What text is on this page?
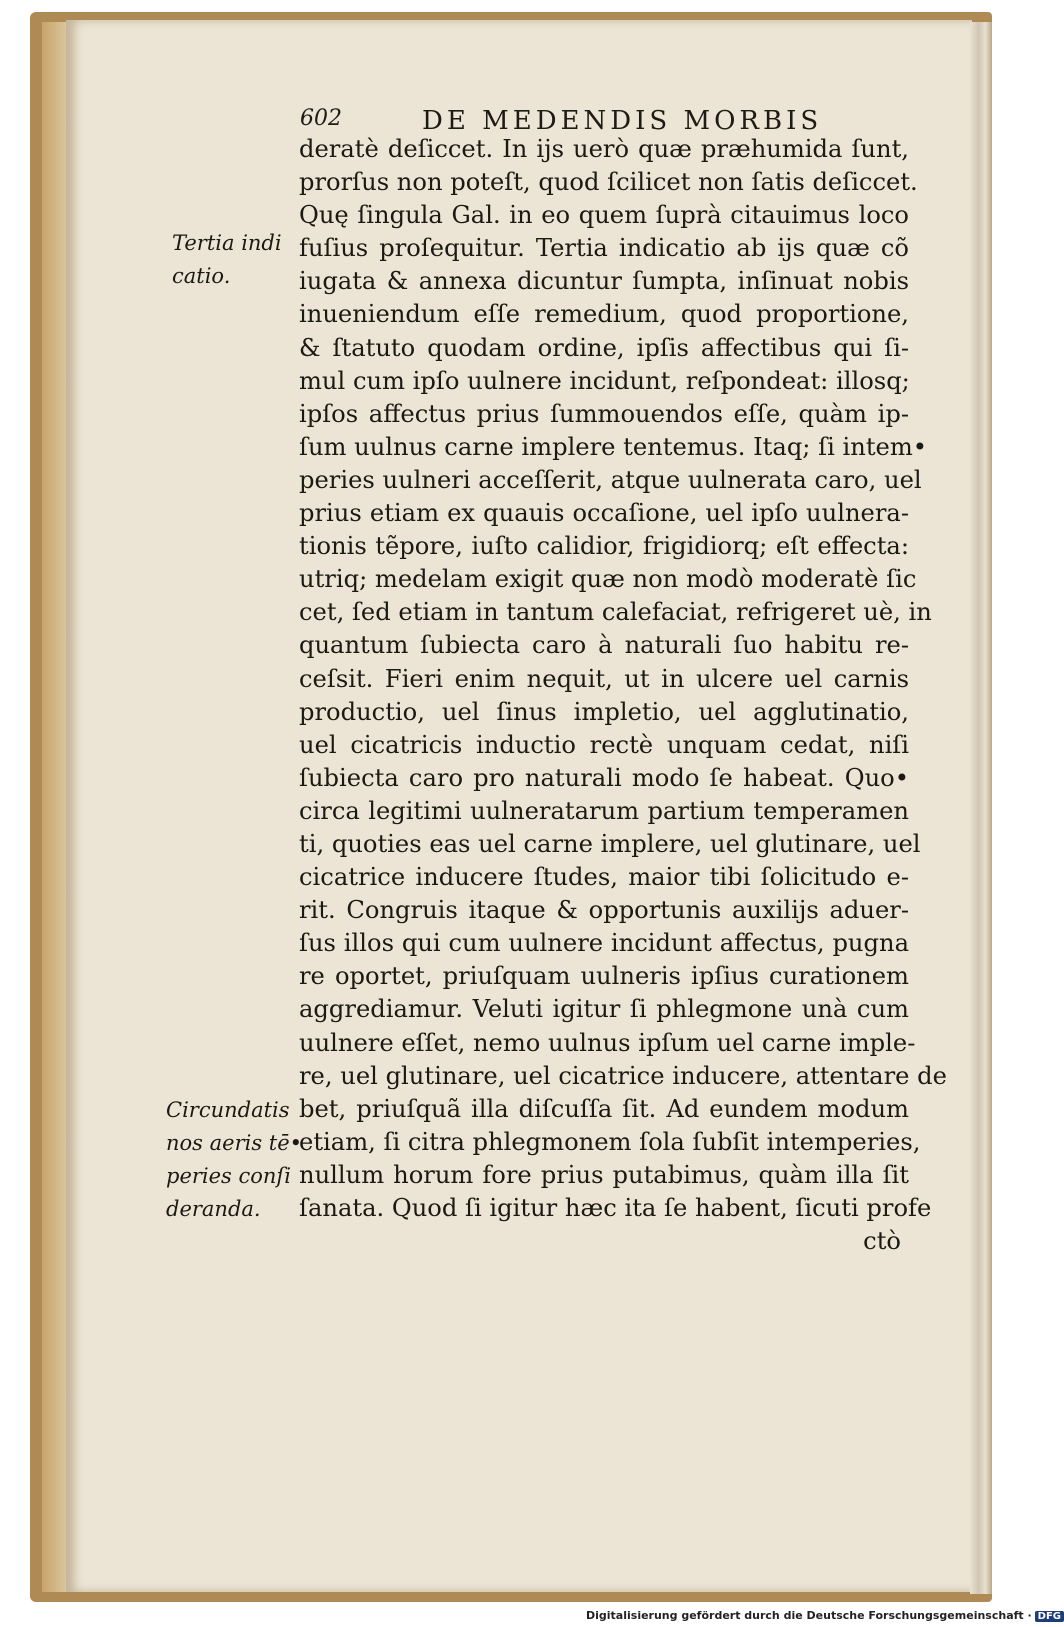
602	DE MEDENDIS MORBIS
Tertia indi
catio.
Circundatis
nos aeris tē•
peries conſi
deranda.
deratè deſiccet. In ijs uerò quæ præhumida ſunt,
prorſus non poteſt, quod ſcilicet non ſatis deſiccet.
Quę ſingula Gal. in eo quem ſuprà citauimus loco
fuſius proſequitur. Tertia indicatio ab ijs quæ cõ
iugata & annexa dicuntur ſumpta, inſinuat nobis
inueniendum eſſe remedium, quod proportione,
& ſtatuto quodam ordine, ipſis affectibus qui ſi-
mul cum ipſo uulnere incidunt, reſpondeat: illosq;
ipſos affectus prius ſummouendos eſſe, quàm ip-
ſum uulnus carne implere tentemus. Itaq; ſi intem•
peries uulneri acceſſerit, atque uulnerata caro, uel
prius etiam ex quauis occaſione, uel ipſo uulnera-
tionis tẽpore, iuſto calidior, frigidiorq; eſt effecta:
utriq; medelam exigit quæ non modò moderatè ſic
cet, ſed etiam in tantum calefaciat, refrigeret uè, in
quantum ſubiecta caro à naturali ſuo habitu re-
ceſsit. Fieri enim nequit, ut in ulcere uel carnis
productio, uel ſinus impletio, uel agglutinatio,
uel cicatricis inductio rectè unquam cedat, niſi
ſubiecta caro pro naturali modo ſe habeat. Quo•
circa legitimi uulneratarum partium temperamen
ti, quoties eas uel carne implere, uel glutinare, uel
cicatrice inducere ſtudes, maior tibi ſolicitudo e-
rit. Congruis itaque & opportunis auxilijs aduer-
ſus illos qui cum uulnere incidunt affectus, pugna
re oportet, priuſquam uulneris ipſius curationem
aggrediamur. Veluti igitur ſi phlegmone unà cum
uulnere eſſet, nemo uulnus ipſum uel carne imple-
re, uel glutinare, uel cicatrice inducere, attentare de
bet, priuſquã illa diſcuſſa ſit. Ad eundem modum
etiam, ſi citra phlegmonem ſola ſubſit intemperies,
nullum horum fore prius putabimus, quàm illa ſit
ſanata. Quod ſi igitur hæc ita ſe habent, ſicuti profe
ctò
Digitalisierung gefördert durch die Deutsche Forschungsgemeinschaft · DFG
